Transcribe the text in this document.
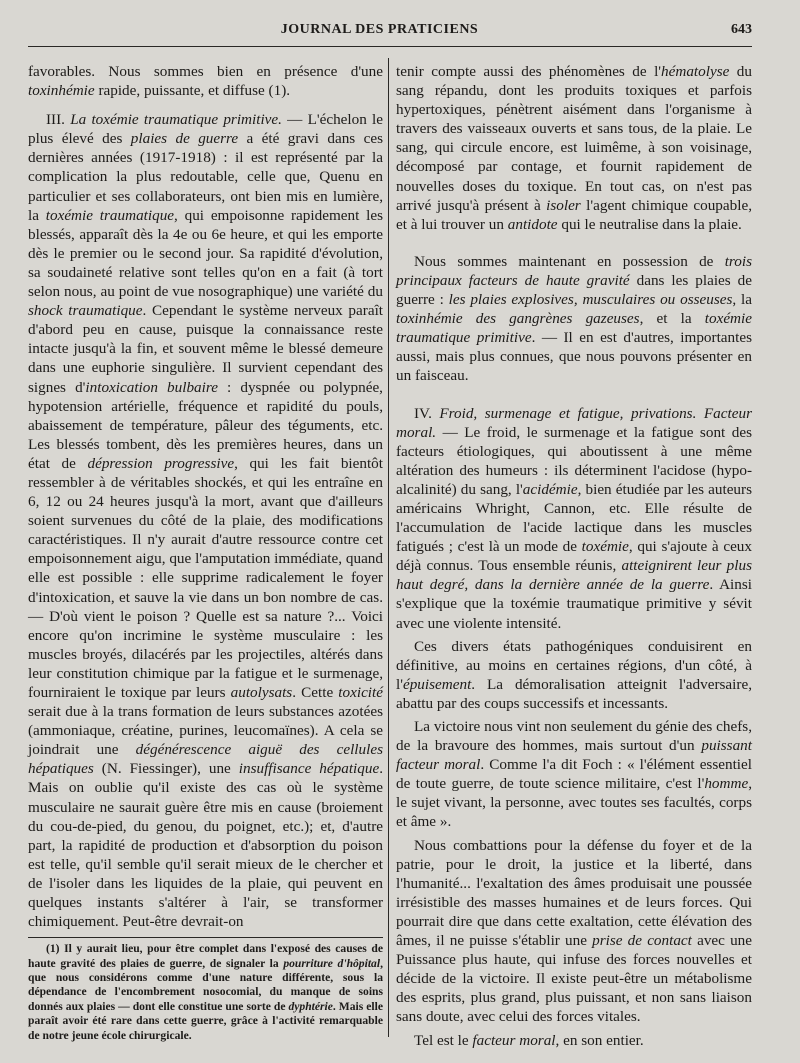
JOURNAL DES PRATICIENS	643

favorables. Nous sommes bien en présence d'une toxinhémie rapide, puissante, et diffuse (1).

III. La toxémie traumatique primitive. — L'échelon le plus élevé des plaies de guerre a été gravi dans ces dernières années (1917-1918) : il est représenté par la complication la plus redoutable, celle que, Quenu en particulier et ses collaborateurs, ont bien mis en lumière, la toxémie traumatique, qui empoisonne rapidement les blessés, apparaît dès la 4e ou 6e heure, et qui les emporte dès le premier ou le second jour. Sa rapidité d'évolution, sa soudaineté relative sont telles qu'on en a fait (à tort selon nous, au point de vue nosographique) une variété du shock traumatique. Cependant le système nerveux paraît d'abord peu en cause, puisque la connaissance reste intacte jusqu'à la fin, et souvent même le blessé demeure dans une euphorie singulière. Il survient cependant des signes d'intoxication bulbaire : dyspnée ou polypnée, hypotension artérielle, fréquence et rapidité du pouls, abaissement de température, pâleur des téguments, etc. Les blessés tombent, dès les premières heures, dans un état de dépression progressive, qui les fait bientôt ressembler à de véritables shockés, et qui les entraîne en 6, 12 ou 24 heures jusqu'à la mort, avant que d'ailleurs soient survenues du côté de la plaie, des modifications caractéristiques. Il n'y aurait d'autre ressource contre cet empoisonnement aigu, que l'amputation immédiate, quand elle est possible : elle supprime radicalement le foyer d'intoxication, et sauve la vie dans un bon nombre de cas. — D'où vient le poison ? Quelle est sa nature ?... Voici encore qu'on incrimine le système musculaire : les muscles broyés, dilacérés par les projectiles, altérés dans leur constitution chimique par la fatigue et le surmenage, fourniraient le toxique par leurs autolysats. Cette toxicité serait due à la trans formation de leurs substances azotées (ammoniaque, créatine, purines, leucomaïnes). A cela se joindrait une dégénérescence aiguë des cellules hépatiques (N. Fiessinger), une insuffisance hépatique. Mais on oublie qu'il existe des cas où le système musculaire ne saurait guère être mis en cause (broiement du cou-de-pied, du genou, du poignet, etc.); et, d'autre part, la rapidité de production et d'absorption du poison est telle, qu'il semble qu'il serait mieux de le chercher et de l'isoler dans les liquides de la plaie, qui peuvent en quelques instants s'altérer à l'air, se transformer chimiquement. Peut-être devrait-on

(1) Il y aurait lieu, pour être complet dans l'exposé des causes de haute gravité des plaies de guerre, de signaler la pourriture d'hôpital, que nous considérons comme d'une nature différente, sous la dépendance de l'encombrement nosocomial, du manque de soins donnés aux plaies — dont elle constitue une sorte de dyphtérie. Mais elle paraît avoir été rare dans cette guerre, grâce à l'activité remarquable de notre jeune école chirurgicale.

tenir compte aussi des phénomènes de l'hématolyse du sang répandu, dont les produits toxiques et parfois hypertoxiques, pénètrent aisément dans l'organisme à travers des vaisseaux ouverts et sans tous, de la plaie. Le sang, qui circule encore, est luimême, à son voisinage, décomposé par contage, et fournit rapidement de nouvelles doses du toxique. En tout cas, on n'est pas arrivé jusqu'à présent à isoler l'agent chimique coupable, et à lui trouver un antidote qui le neutralise dans la plaie.

Nous sommes maintenant en possession de trois principaux facteurs de haute gravité dans les plaies de guerre : les plaies explosives, musculaires ou osseuses, la toxinhémie des gangrènes gazeuses, et la toxémie traumatique primitive. — Il en est d'autres, importantes aussi, mais plus connues, que nous pouvons présenter en un faisceau.

IV. Froid, surmenage et fatigue, privations. Facteur moral. — Le froid, le surmenage et la fatigue sont des facteurs étiologiques, qui aboutissent à une même altération des humeurs : ils déterminent l'acidose (hypo-alcalinité) du sang, l'acidémie, bien étudiée par les auteurs américains Whright, Cannon, etc. Elle résulte de l'accumulation de l'acide lactique dans les muscles fatigués ; c'est là un mode de toxémie, qui s'ajoute à ceux déjà connus. Tous ensemble réunis, atteignirent leur plus haut degré, dans la dernière année de la guerre. Ainsi s'explique que la toxémie traumatique primitive y sévit avec une violente intensité.

Ces divers états pathogéniques conduisirent en définitive, au moins en certaines régions, d'un côté, à l'épuisement. La démoralisation atteignit l'adversaire, abattu par des coups successifs et incessants.

La victoire nous vint non seulement du génie des chefs, de la bravoure des hommes, mais surtout d'un puissant facteur moral. Comme l'a dit Foch : « l'élément essentiel de toute guerre, de toute science militaire, c'est l'homme, le sujet vivant, la personne, avec toutes ses facultés, corps et âme ».

Nous combattions pour la défense du foyer et de la patrie, pour le droit, la justice et la liberté, dans l'humanité... l'exaltation des âmes produisait une poussée irrésistible des masses humaines et de leurs forces. Qui pourrait dire que dans cette exaltation, cette élévation des âmes, il ne puisse s'établir une prise de contact avec une Puissance plus haute, qui infuse des forces nouvelles et décide de la victoire. Il existe peut-être un métabolisme des esprits, plus grand, plus puissant, et non sans liaison sans doute, avec celui des forces vitales.

Tel est le facteur moral, en son entier.
